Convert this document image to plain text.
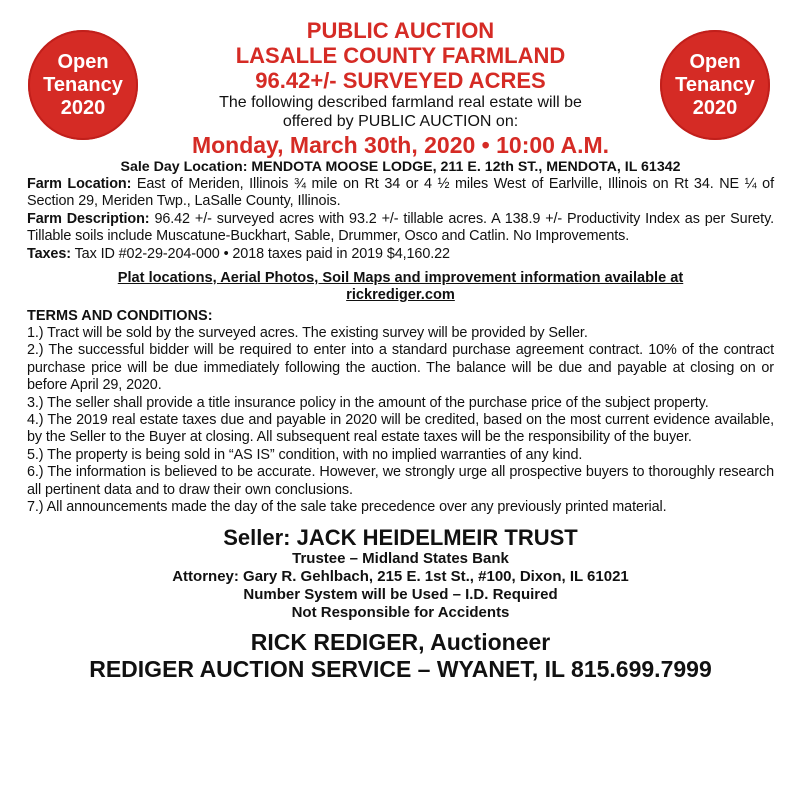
Open
Tenancy
2020
Open
Tenancy
2020
PUBLIC AUCTION
LASALLE COUNTY FARMLAND
96.42+/- SURVEYED ACRES
The following described farmland real estate will be
offered by PUBLIC AUCTION on:
Monday, March 30th, 2020 • 10:00 A.M.
Sale Day Location: MENDOTA MOOSE LODGE, 211 E. 12th ST., MENDOTA, IL 61342
Farm Location: East of Meriden, Illinois ¾ mile on Rt 34 or 4 ½ miles West of Earlville, Illinois on Rt 34. NE ¼ of Section 29, Meriden Twp., LaSalle County, Illinois.
Farm Description: 96.42 +/- surveyed acres with 93.2 +/- tillable acres. A 138.9 +/- Productivity Index as per Surety. Tillable soils include Muscatune-Buckhart, Sable, Drummer, Osco and Catlin. No Improvements.
Taxes: Tax ID #02-29-204-000 • 2018 taxes paid in 2019 $4,160.22
Plat locations, Aerial Photos, Soil Maps and improvement information available at
rickrediger.com
TERMS AND CONDITIONS:

1.) Tract will be sold by the surveyed acres. The existing survey will be provided by Seller.

2.) The successful bidder will be required to enter into a standard purchase agreement contract. 10% of the contract purchase price will be due immediately following the auction. The balance will be due and payable at closing on or before April 29, 2020.

3.) The seller shall provide a title insurance policy in the amount of the purchase price of the subject property.

4.) The 2019 real estate taxes due and payable in 2020 will be credited, based on the most current evidence available, by the Seller to the Buyer at closing. All subsequent real estate taxes will be the responsibility of the buyer.

5.) The property is being sold in “AS IS” condition, with no implied warranties of any kind.

6.) The information is believed to be accurate. However, we strongly urge all prospective buyers to thoroughly research all pertinent data and to draw their own conclusions.

7.) All announcements made the day of the sale take precedence over any previously printed material.

Seller: JACK HEIDELMEIR TRUST
Trustee – Midland States Bank
Attorney: Gary R. Gehlbach, 215 E. 1st St., #100, Dixon, IL 61021
Number System will be Used – I.D. Required
Not Responsible for Accidents
RICK REDIGER, Auctioneer
REDIGER AUCTION SERVICE – WYANET, IL 815.699.7999
